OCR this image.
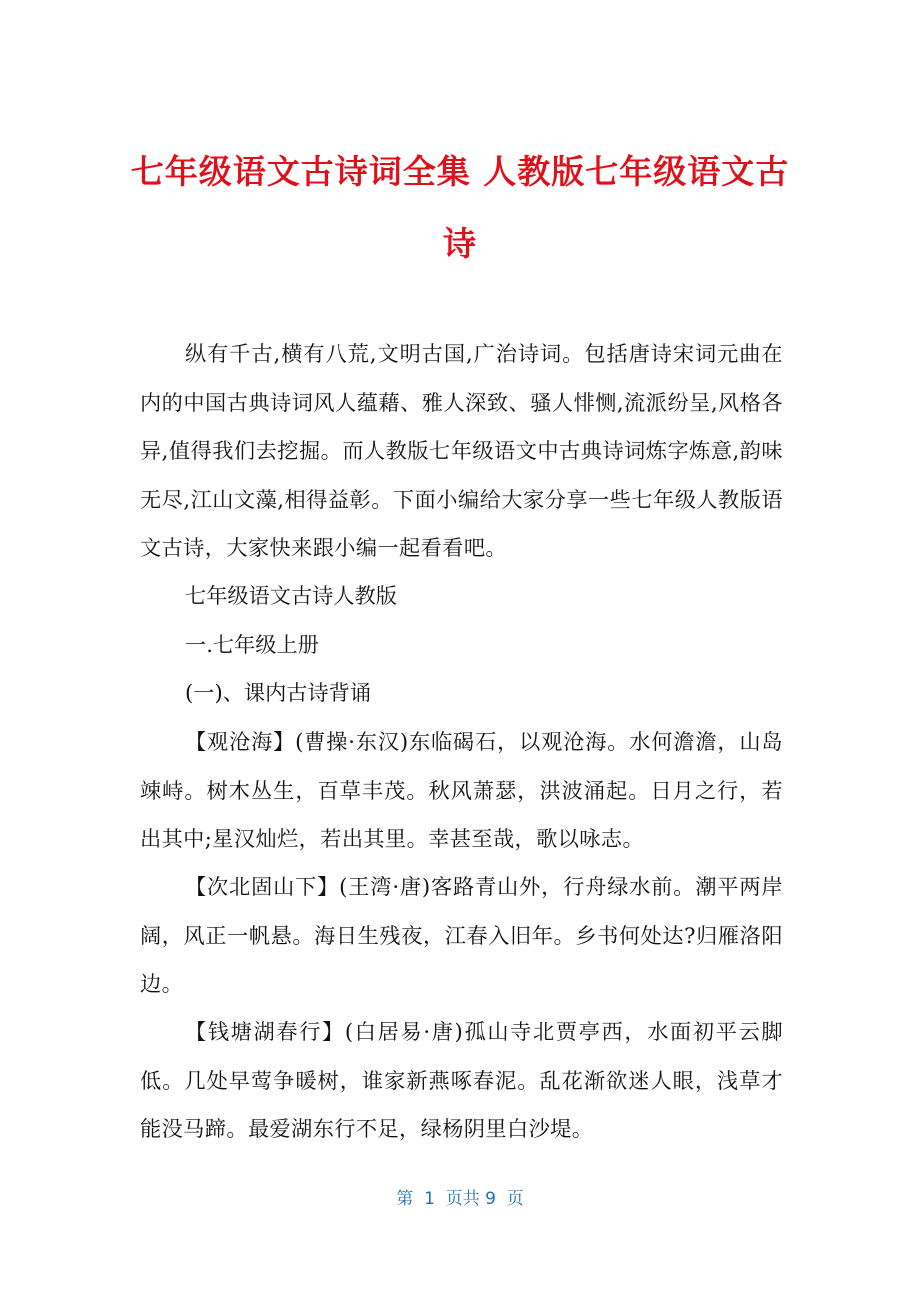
七年级语文古诗词全集 人教版七年级语文古
诗
纵有千古,横有八荒,文明古国,广治诗词。包括唐诗宋词元曲在内的中国古典诗词风人蕴藉、雅人深致、骚人悱恻,流派纷呈,风格各异,值得我们去挖掘。而人教版七年级语文中古典诗词炼字炼意,韵味无尽,江山文藻,相得益彰。下面小编给大家分享一些七年级人教版语文古诗，大家快来跟小编一起看看吧。
七年级语文古诗人教版
一.七年级上册
(一)、课内古诗背诵
【观沧海】(曹操·东汉)东临碣石，以观沧海。水何澹澹，山岛竦峙。树木丛生，百草丰茂。秋风萧瑟，洪波涌起。日月之行，若出其中;星汉灿烂，若出其里。幸甚至哉，歌以咏志。
【次北固山下】(王湾·唐)客路青山外，行舟绿水前。潮平两岸阔，风正一帆悬。海日生残夜，江春入旧年。乡书何处达?归雁洛阳边。
【钱塘湖春行】(白居易·唐)孤山寺北贾亭西，水面初平云脚低。几处早莺争暖树，谁家新燕啄春泥。乱花渐欲迷人眼，浅草才能没马蹄。最爱湖东行不足，绿杨阴里白沙堤。
第  1  页共 9  页
